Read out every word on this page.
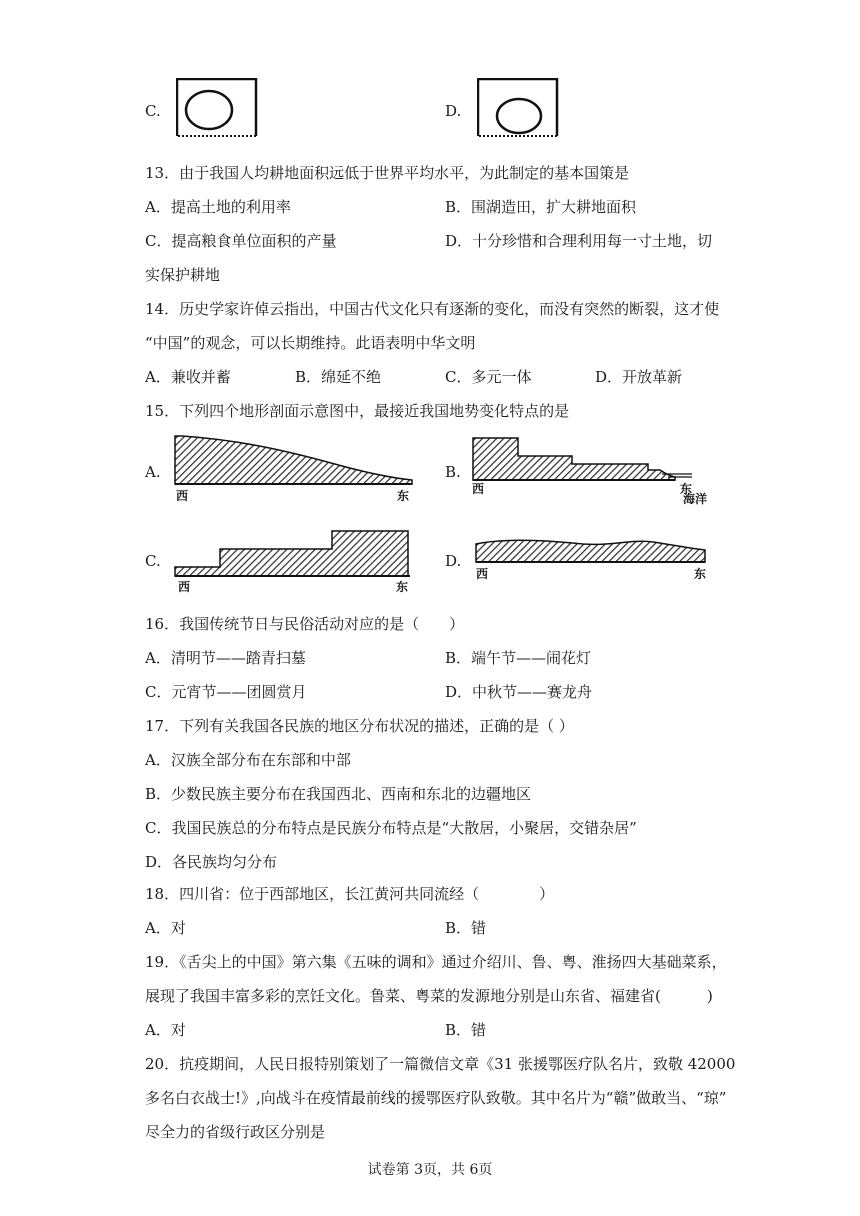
C.	D.
13．由于我国人均耕地面积远低于世界平均水平，为此制定的基本国策是
A．提高土地的利用率	B．围湖造田，扩大耕地面积
C．提高粮食单位面积的产量	D．十分珍惜和合理利用每一寸土地，切
实保护耕地
14．历史学家许倬云指出，中国古代文化只有逐渐的变化，而没有突然的断裂，这才使
“中国”的观念，可以长期维持。此语表明中华文明
A．兼收并蓄	B．绵延不绝	C．多元一体	D．开放革新
15．下列四个地形剖面示意图中，最接近我国地势变化特点的是
A.
西	东
B.
西	东
海洋
C.
西	东
D.
西	东
16．我国传统节日与民俗活动对应的是（　　）
A．清明节——踏青扫墓	B．端午节——闹花灯
C．元宵节——团圆赏月	D．中秋节——赛龙舟
17．下列有关我国各民族的地区分布状况的描述，正确的是（ ）
A．汉族全部分布在东部和中部
B．少数民族主要分布在我国西北、西南和东北的边疆地区
C．我国民族总的分布特点是民族分布特点是“大散居，小聚居，交错杂居”
D．各民族均匀分布
18．四川省：位于西部地区，长江黄河共同流经（　　　　）
A．对	B．错
19．《舌尖上的中国》第六集《五味的调和》通过介绍川、鲁、粤、淮扬四大基础菜系，
展现了我国丰富多彩的烹饪文化。鲁菜、粤菜的发源地分别是山东省、福建省(	)
A．对	B．错
20．抗疫期间，人民日报特别策划了一篇微信文章《31 张援鄂医疗队名片，致敬 42000
多名白衣战士!》,向战斗在疫情最前线的援鄂医疗队致敬。其中名片为“赣”做敢当、“琼”
尽全力的省级行政区分别是
试卷第 3页，共 6页
